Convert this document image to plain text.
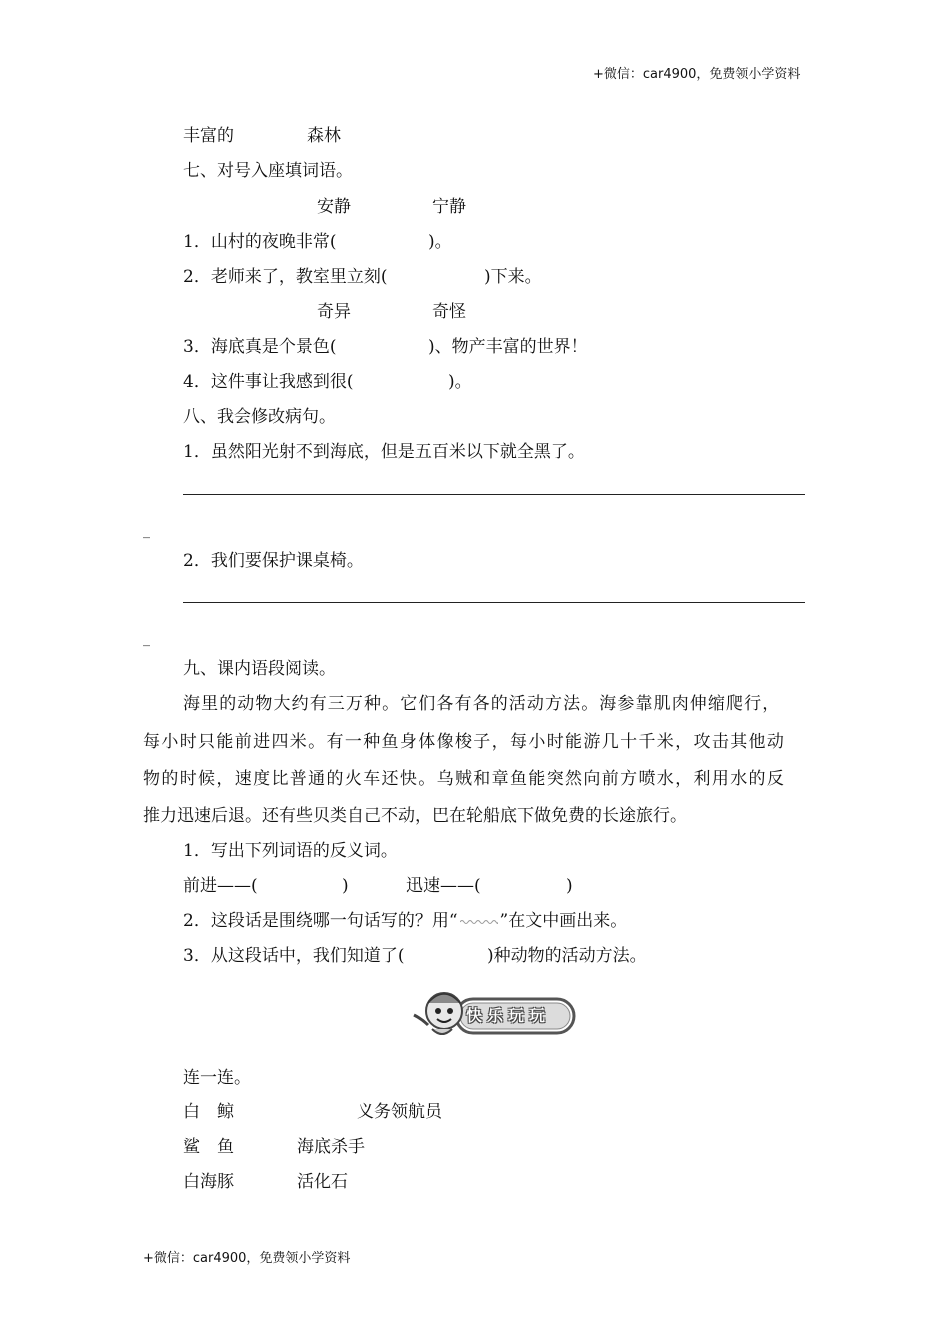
+微信：car4900，免费领小学资料
丰富的	森林
七、对号入座填词语。
安静	宁静
1．山村的夜晚非常(	)。
2．老师来了，教室里立刻(	)下来。
奇异	奇怪
3．海底真是个景色(	)、物产丰富的世界！
4．这件事让我感到很(	)。
八、我会修改病句。
1．虽然阳光射不到海底，但是五百米以下就全黑了。
_
2．我们要保护课桌椅。
_
九、课内语段阅读。
海里的动物大约有三万种。它们各有各的活动方法。海参靠肌肉伸缩爬行，
每小时只能前进四米。有一种鱼身体像梭子，每小时能游几十千米，攻击其他动
物的时候，速度比普通的火车还快。乌贼和章鱼能突然向前方喷水，利用水的反
推力迅速后退。还有些贝类自己不动，巴在轮船底下做免费的长途旅行。
1．写出下列词语的反义词。
前进——(	)	迅速——(	)
2．这段话是围绕哪一句话写的？用“ ”在文中画出来。
3．从这段话中，我们知道了(	)种动物的活动方法。
快乐玩玩
连一连。
白　鲸	义务领航员
鲨　鱼	海底杀手
白海豚	活化石
+微信：car4900，免费领小学资料
